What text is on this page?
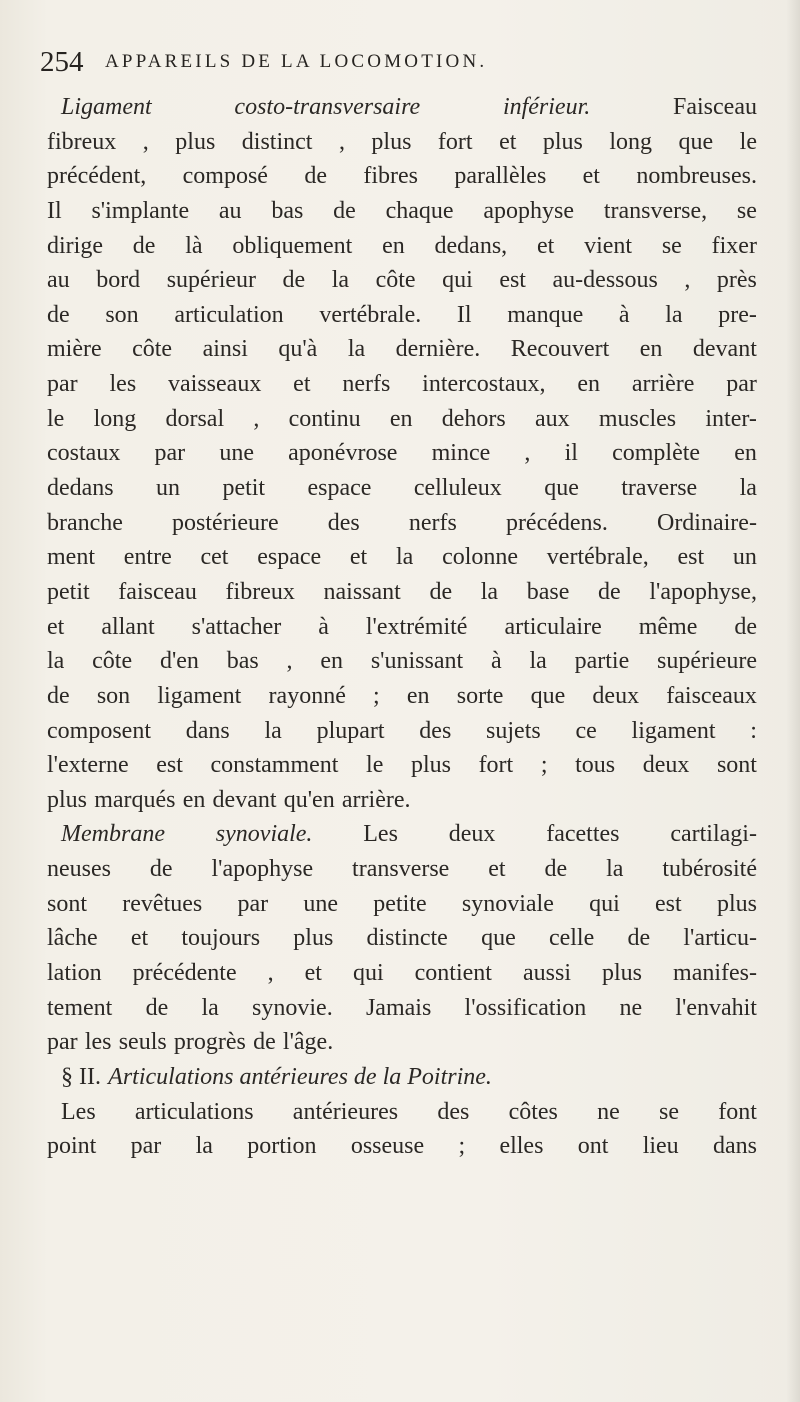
254 APPAREILS DE LA LOCOMOTION.
Ligament	costo-transversaire	inférieur.	Faisceau
fibreux , plus distinct , plus fort et plus long que le
précédent, composé de fibres parallèles et nombreuses.
Il s'implante au bas de chaque apophyse transverse, se
dirige de là obliquement en dedans, et vient se fixer
au bord supérieur de la côte qui est au-dessous , près
de son articulation vertébrale. Il manque à la pre-
mière côte ainsi qu'à la dernière. Recouvert en devant
par les vaisseaux et nerfs intercostaux, en arrière par
le long dorsal , continu en dehors aux muscles inter-
costaux par une aponévrose mince , il complète en
dedans un petit espace celluleux que traverse la
branche postérieure des nerfs précédens. Ordinaire-
ment entre cet espace et la colonne vertébrale, est un
petit faisceau fibreux naissant de la base de l'apophyse,
et allant s'attacher à l'extrémité articulaire même de
la côte d'en bas , en s'unissant à la partie supérieure
de son ligament rayonné ; en sorte que deux faisceaux
composent dans la plupart des sujets ce ligament :
l'externe est constamment le plus fort ; tous deux sont
plus marqués en devant qu'en arrière.
Membrane synoviale. Les deux facettes cartilagi-
neuses de l'apophyse transverse et de la tubérosité
sont revêtues par une petite synoviale qui est plus
lâche et toujours plus distincte que celle de l'articu-
lation précédente , et qui contient aussi plus manifes-
tement de la synovie. Jamais l'ossification ne l'envahit
par les seuls progrès de l'âge.
§ II. Articulations antérieures de la Poitrine.
Les articulations antérieures des côtes ne se font
point par la portion osseuse ; elles ont lieu dans
